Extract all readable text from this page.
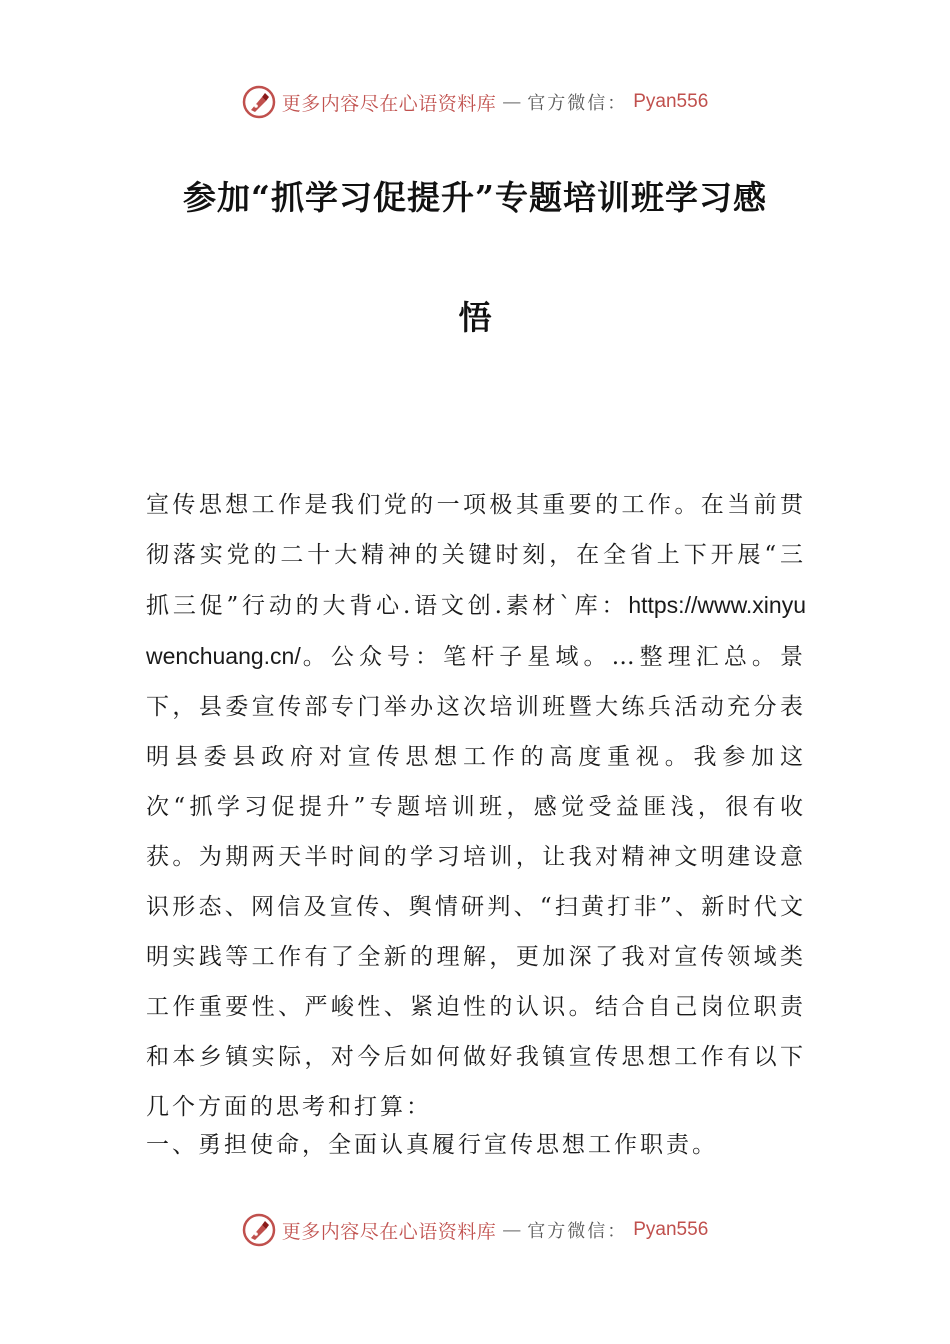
更多内容尽在心语资料库 — 官方微信： Pyan556
参加“抓学习促提升”专题培训班学习感
悟

宣传思想工作是我们党的一项极其重要的工作。在当前贯彻落实党的二十大精神的关键时刻，在全省上下开展“三抓三促”行动的大背心.语文创.素材`库：https://www.xinyuwenchuang.cn/。公众号：笔杆子星域。…整理汇总。景下，县委宣传部专门举办这次培训班暨大练兵活动充分表明县委县政府对宣传思想工作的高度重视。我参加这次“抓学习促提升”专题培训班，感觉受益匪浅，很有收获。为期两天半时间的学习培训，让我对精神文明建设意识形态、网信及宣传、舆情研判、“扫黄打非”、新时代文明实践等工作有了全新的理解，更加深了我对宣传领域类工作重要性、严峻性、紧迫性的认识。结合自己岗位职责和本乡镇实际，对今后如何做好我镇宣传思想工作有以下几个方面的思考和打算：

一、勇担使命，全面认真履行宣传思想工作职责。

更多内容尽在心语资料库 — 官方微信： Pyan556
